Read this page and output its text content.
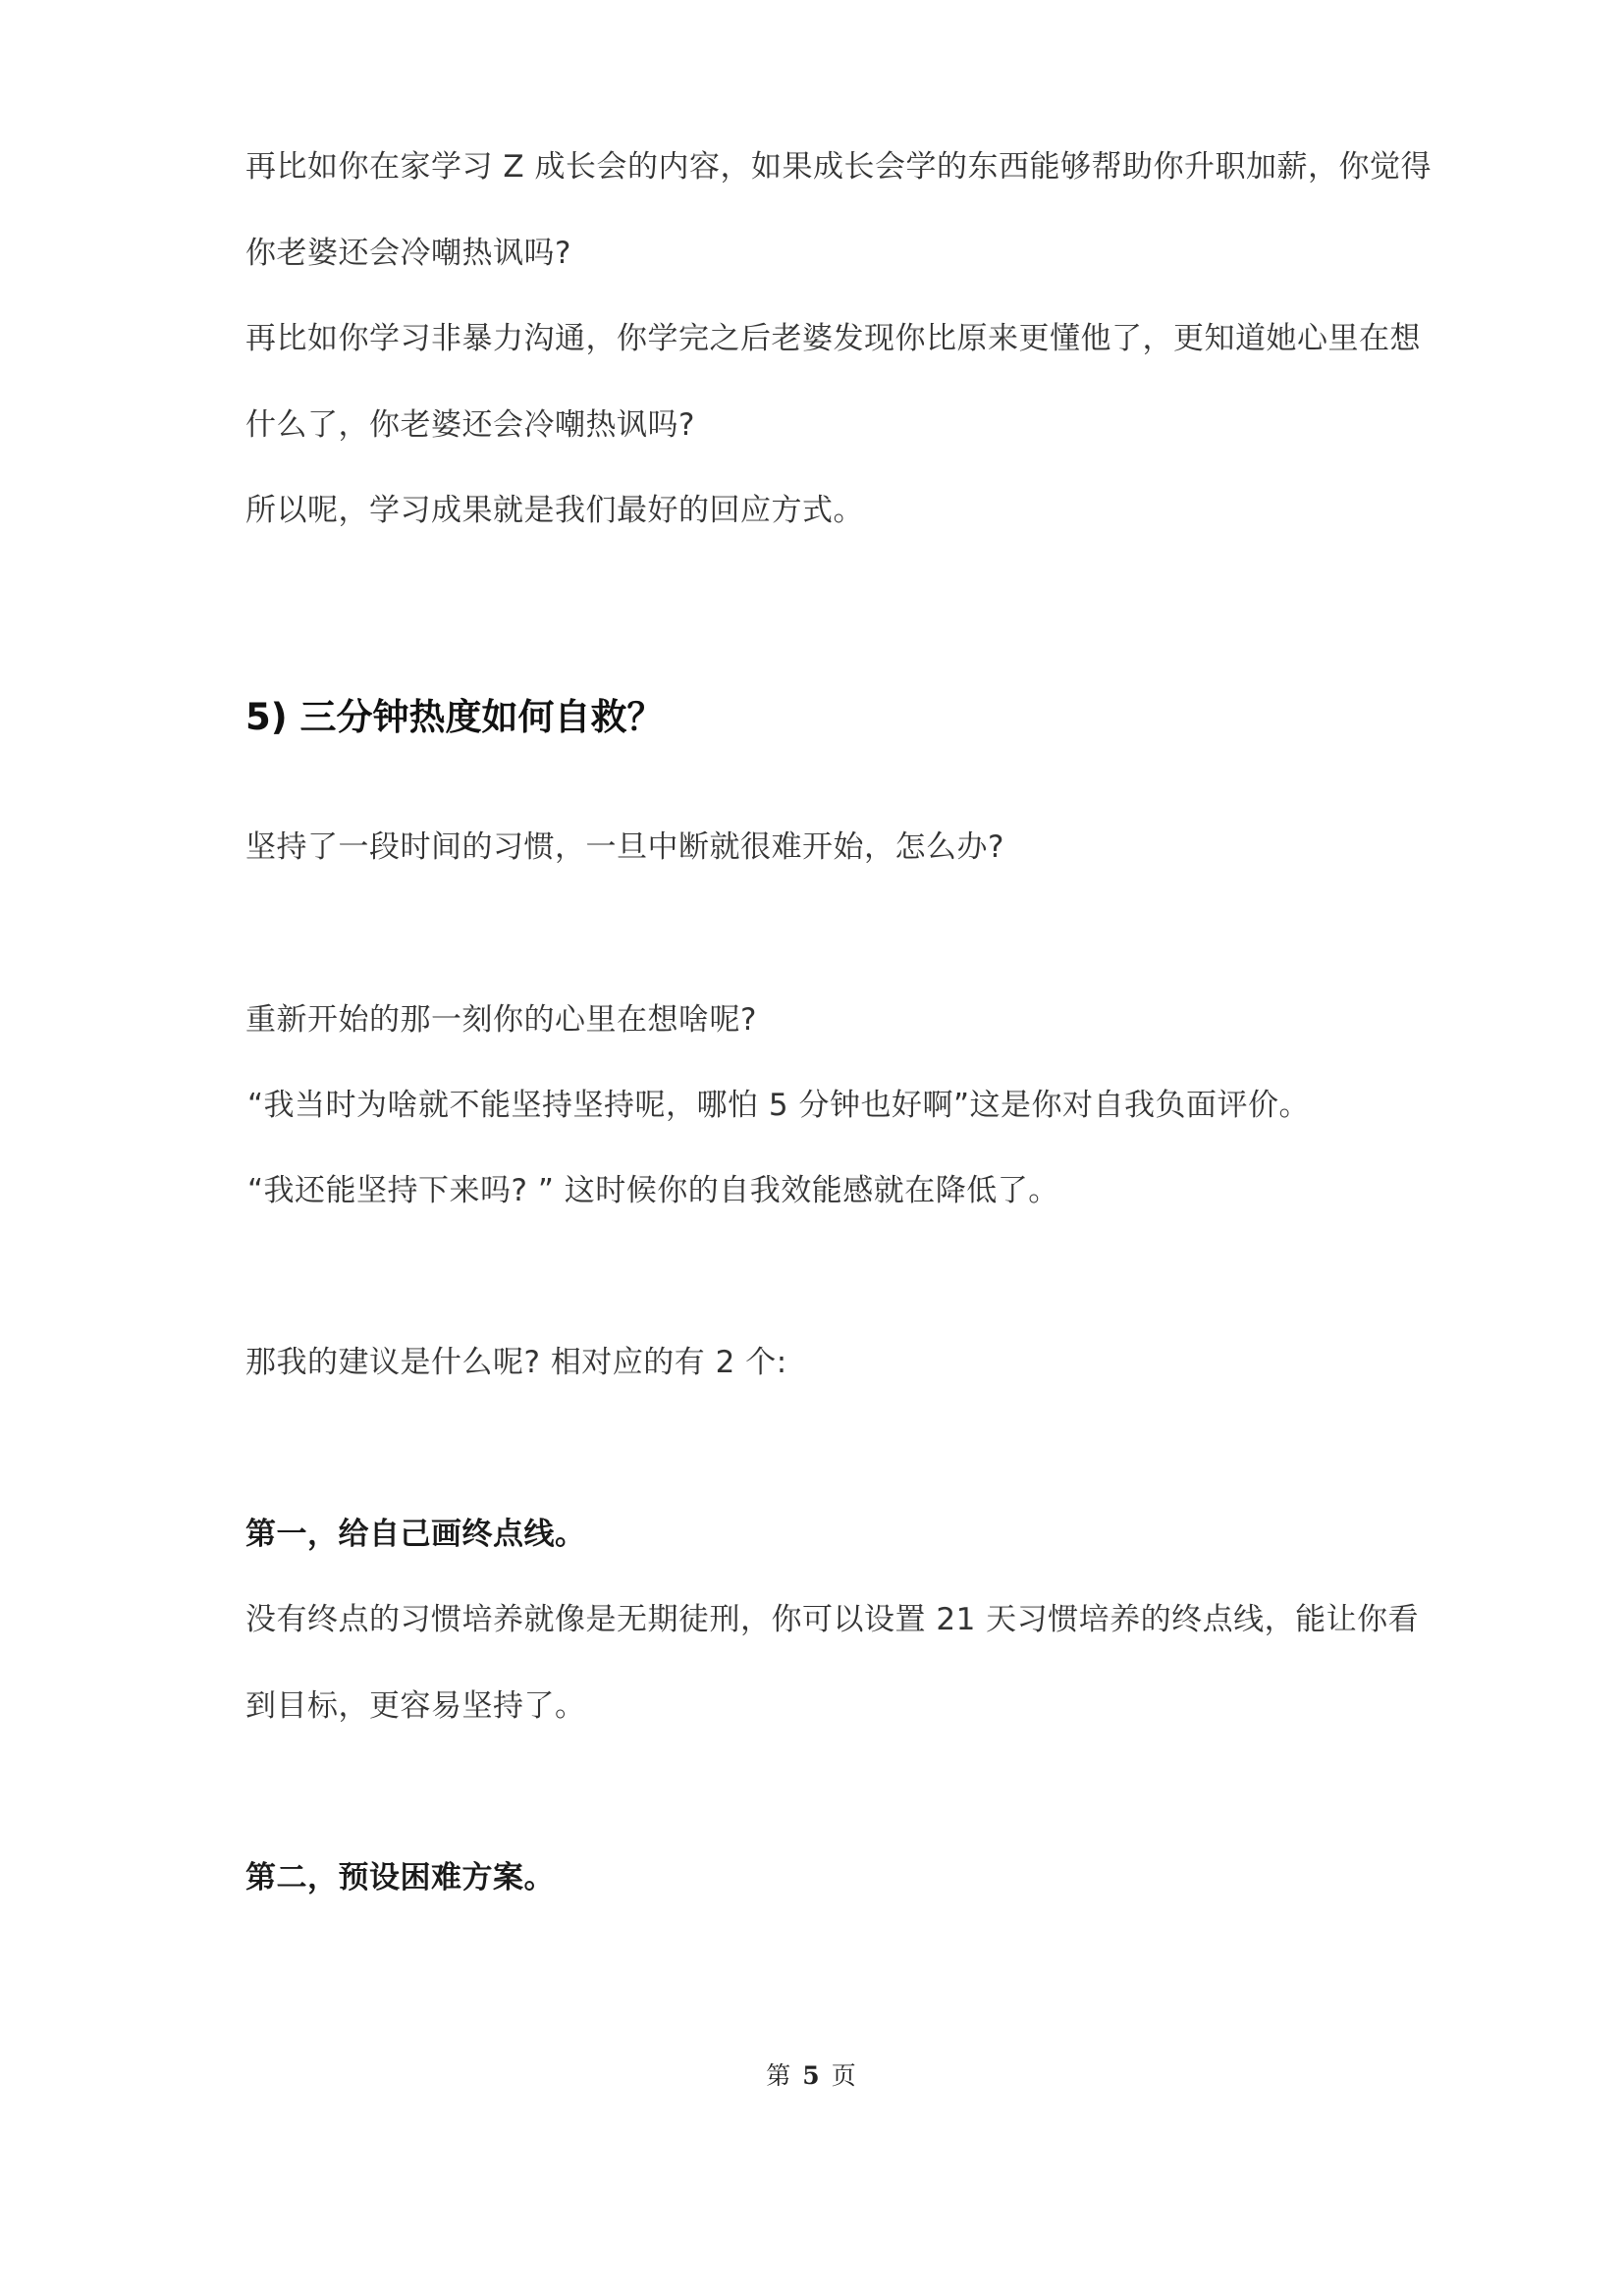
再比如你在家学习 Z 成长会的内容，如果成长会学的东西能够帮助你升职加薪，你觉得
你老婆还会冷嘲热讽吗?
再比如你学习非暴力沟通，你学完之后老婆发现你比原来更懂他了，更知道她心里在想
什么了，你老婆还会冷嘲热讽吗?
所以呢，学习成果就是我们最好的回应方式。
5) 三分钟热度如何自救？
坚持了一段时间的习惯，一旦中断就很难开始，怎么办?
重新开始的那一刻你的心里在想啥呢?
“我当时为啥就不能坚持坚持呢，哪怕 5 分钟也好啊”这是你对自我负面评价。
“我还能坚持下来吗? ” 这时候你的自我效能感就在降低了。
那我的建议是什么呢? 相对应的有 2 个:
第一，给自己画终点线。
没有终点的习惯培养就像是无期徒刑，你可以设置 21 天习惯培养的终点线，能让你看
到目标，更容易坚持了。
第二，预设困难方案。
第 5 页
